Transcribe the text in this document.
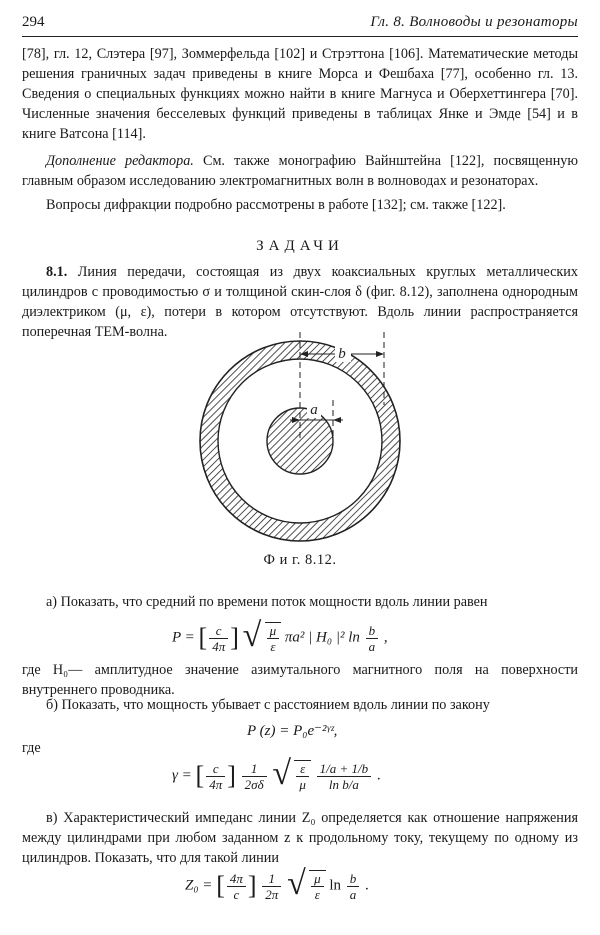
294	Гл. 8. Волноводы и резонаторы
[78], гл. 12, Слэтера [97], Зоммерфельда [102] и Стрэттона [106]. Математические методы решения граничных задач приведены в книге Морса и Фешбаха [77], особенно гл. 13. Сведения о специальных функциях можно найти в книге Магнуса и Оберхеттингера [70]. Численные значения бесселевых функций приведены в таблицах Янке и Эмде [54] и в книге Ватсона [114].
Дополнение редактора. См. также монографию Вайнштейна [122], посвященную главным образом исследованию электромагнитных волн в волноводах и резонаторах.
Вопросы дифракции подробно рассмотрены в работе [132]; см. также [122].
ЗАДАЧИ
8.1. Линия передачи, состоящая из двух коаксиальных круглых металлических цилиндров с проводимостью σ и толщиной скин-слоя δ (фиг. 8.12), заполнена однородным диэлектриком (μ, ε), потери в котором отсутствуют. Вдоль линии распространяется поперечная ТЕМ-волна.
b
a
Ф и г. 8.12.
а) Показать, что средний по времени поток мощности вдоль линии равен
P = [ $\frac{c}{4\pi}$ ] √ $\frac{\mu}{\varepsilon} \pi a^2$ | H₀ |² $\ln \frac{b}{a}$ ,
где H₀— амплитудное значение азимутального магнитного поля на поверхности внутреннего проводника.
б) Показать, что мощность убывает с расстоянием вдоль линии по закону
P (z) = P₀e⁻²ᵞᶻ,
где
γ = [ $\frac{c}{4\pi}$ ] $\frac{1}{2\sigma\delta}$
√ $\frac{\varepsilon}{\mu}$
$\frac{1/a + 1/b}{\text{ln b/a}}$ .
в) Характеристический импеданс линии Z₀ определяется как отношение напряжения между цилиндрами при любом заданном z к продольному току, текущему по одному из цилиндров. Показать, что для такой линии
Z₀ = [ $\frac{4\pi}{c}$ ] $\frac{1}{2\pi}$
√ $\frac{\mu}{\varepsilon}$ $\ln \frac{b}{a}$ .
